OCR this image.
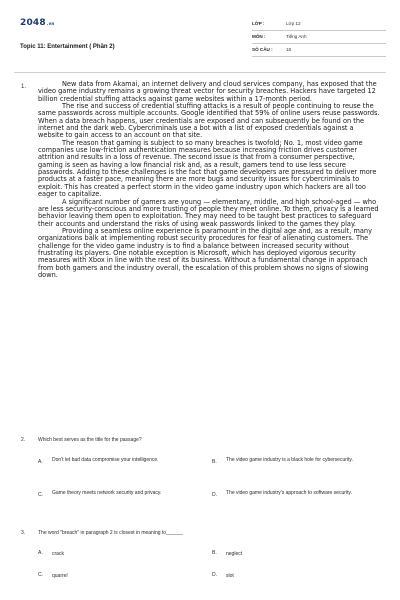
2048.vn
Topic 11: Entertainment ( Phần 2)
LỚP :	Lớp 12
MÔN :	Tiếng Anh
SỐ CÂU :	18
1.	New data from Akamai, an internet delivery and cloud services company, has exposed that the video game industry remains a growing threat vector for security breaches. Hackers have targeted 12 billion credential stuffing attacks against game websites within a 17-month period.

The rise and success of credential stuffing attacks is a result of people continuing to reuse the same passwords across multiple accounts. Google identified that 59% of online users reuse passwords. When a data breach happens, user credentials are exposed and can subsequently be found on the internet and the dark web. Cybercriminals use a bot with a list of exposed credentials against a website to gain access to an account on that site.

The reason that gaming is subject to so many breaches is twofold; No. 1, most video game companies use low-friction authentication measures because increasing friction drives customer attrition and results in a loss of revenue. The second issue is that from a consumer perspective, gaming is seen as having a low financial risk and, as a result, gamers tend to use less secure passwords. Adding to these challenges is the fact that game developers are pressured to deliver more products at a faster pace, meaning there are more bugs and security issues for cybercriminals to exploit. This has created a perfect storm in the video game industry upon which hackers are all too eager to capitalize.

A significant number of gamers are young — elementary, middle, and high school-aged — who are less security-conscious and more trusting of people they meet online. To them, privacy is a learned behavior leaving them open to exploitation. They may need to be taught best practices to safeguard their accounts and understand the risks of using weak passwords linked to the games they play.

Providing a seamless online experience is paramount in the digital age and, as a result, many organizations balk at implementing robust security procedures for fear of alienating customers. The challenge for the video game industry is to find a balance between increased security without frustrating its players. One notable exception is Microsoft, which has deployed vigorous security measures with Xbox in line with the rest of its business. Without a fundamental change in approach from both gamers and the industry overall, the escalation of this problem shows no signs of slowing down.

2.	Which best serves as the title for the passage?
A. Don't let bad data compromise your intelligence.	B. The video game industry is a black hole for cybersecurity.
C. Game theory meets network security and privacy.	D. The video game industry's approach to software security.
3.	The word "breach" in paragraph 2 is closest in meaning to______
A. crack	B. neglect
C. quarrel	D. slot
